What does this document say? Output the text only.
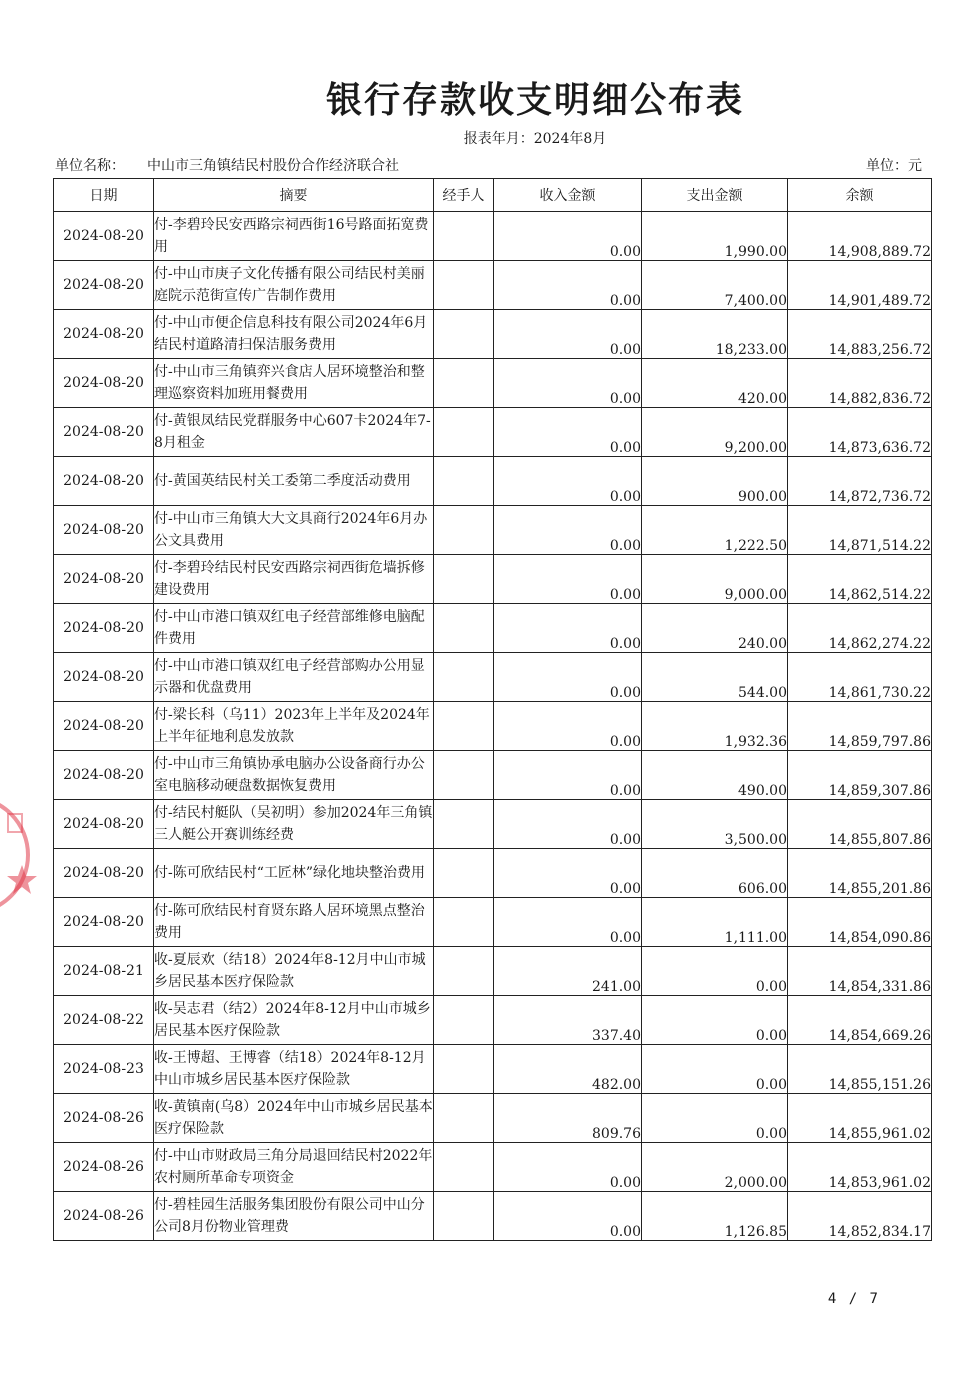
银行存款收支明细公布表
报表年月：2024年8月
单位名称： 中山市三角镇结民村股份合作经济联合社	单位：元
日期	摘要	经手人	收入金额	支出金额	余额
2024-08-20	付-李碧玲民安西路宗祠西街16号路面拓宽费用		0.00	1,990.00	14,908,889.72
2024-08-20	付-中山市庚子文化传播有限公司结民村美丽庭院示范街宣传广告制作费用		0.00	7,400.00	14,901,489.72
2024-08-20	付-中山市便企信息科技有限公司2024年6月结民村道路清扫保洁服务费用		0.00	18,233.00	14,883,256.72
2024-08-20	付-中山市三角镇弈兴食店人居环境整治和整理巡察资料加班用餐费用		0.00	420.00	14,882,836.72
2024-08-20	付-黄银凤结民党群服务中心607卡2024年7-8月租金		0.00	9,200.00	14,873,636.72
2024-08-20	付-黄国英结民村关工委第二季度活动费用		0.00	900.00	14,872,736.72
2024-08-20	付-中山市三角镇大大文具商行2024年6月办公文具费用		0.00	1,222.50	14,871,514.22
2024-08-20	付-李碧玲结民村民安西路宗祠西街危墙拆修建设费用		0.00	9,000.00	14,862,514.22
2024-08-20	付-中山市港口镇双红电子经营部维修电脑配件费用		0.00	240.00	14,862,274.22
2024-08-20	付-中山市港口镇双红电子经营部购办公用显示器和优盘费用		0.00	544.00	14,861,730.22
2024-08-20	付-梁长科（乌11）2023年上半年及2024年上半年征地利息发放款		0.00	1,932.36	14,859,797.86
2024-08-20	付-中山市三角镇协承电脑办公设备商行办公室电脑移动硬盘数据恢复费用		0.00	490.00	14,859,307.86
2024-08-20	付-结民村艇队（吴初明）参加2024年三角镇三人艇公开赛训练经费		0.00	3,500.00	14,855,807.86
2024-08-20	付-陈可欣结民村“工匠林”绿化地块整治费用		0.00	606.00	14,855,201.86
2024-08-20	付-陈可欣结民村育贤东路人居环境黑点整治费用		0.00	1,111.00	14,854,090.86
2024-08-21	收-夏辰欢（结18）2024年8-12月中山市城乡居民基本医疗保险款		241.00	0.00	14,854,331.86
2024-08-22	收-吴志君（结2）2024年8-12月中山市城乡居民基本医疗保险款		337.40	0.00	14,854,669.26
2024-08-23	收-王博超、王博睿（结18）2024年8-12月中山市城乡居民基本医疗保险款		482.00	0.00	14,855,151.26
2024-08-26	收-黄镇南(乌8）2024年中山市城乡居民基本医疗保险款		809.76	0.00	14,855,961.02
2024-08-26	付-中山市财政局三角分局退回结民村2022年农村厕所革命专项资金		0.00	2,000.00	14,853,961.02
2024-08-26	付-碧桂园生活服务集团股份有限公司中山分公司8月份物业管理费		0.00	1,126.85	14,852,834.17
4 / 7
